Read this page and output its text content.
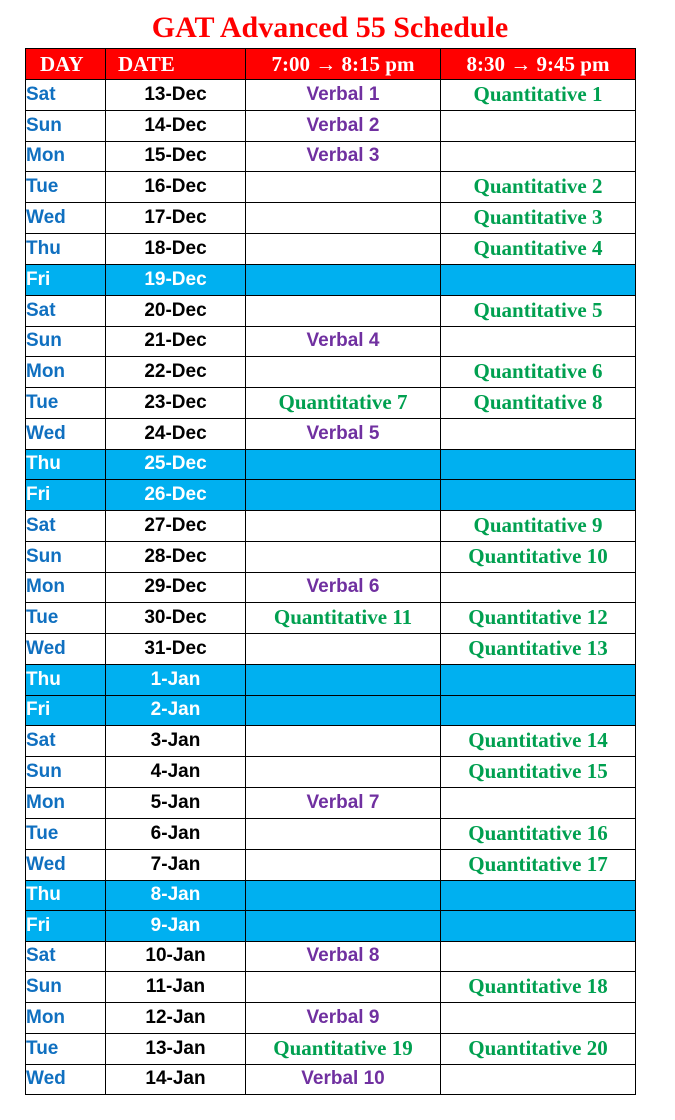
GAT Advanced 55 Schedule
DAY	DATE	7:00 → 8:15 pm	8:30 → 9:45 pm
Sat	13-Dec	Verbal 1	Quantitative 1
Sun	14-Dec	Verbal 2	
Mon	15-Dec	Verbal 3	
Tue	16-Dec		Quantitative 2
Wed	17-Dec		Quantitative 3
Thu	18-Dec		Quantitative 4
Fri	19-Dec		
Sat	20-Dec		Quantitative 5
Sun	21-Dec	Verbal 4	
Mon	22-Dec		Quantitative 6
Tue	23-Dec	Quantitative 7	Quantitative 8
Wed	24-Dec	Verbal 5	
Thu	25-Dec		
Fri	26-Dec		
Sat	27-Dec		Quantitative 9
Sun	28-Dec		Quantitative 10
Mon	29-Dec	Verbal 6	
Tue	30-Dec	Quantitative 11	Quantitative 12
Wed	31-Dec		Quantitative 13
Thu	1-Jan		
Fri	2-Jan		
Sat	3-Jan		Quantitative 14
Sun	4-Jan		Quantitative 15
Mon	5-Jan	Verbal 7	
Tue	6-Jan		Quantitative 16
Wed	7-Jan		Quantitative 17
Thu	8-Jan		
Fri	9-Jan		
Sat	10-Jan	Verbal 8	
Sun	11-Jan		Quantitative 18
Mon	12-Jan	Verbal 9	
Tue	13-Jan	Quantitative 19	Quantitative 20
Wed	14-Jan	Verbal 10	
